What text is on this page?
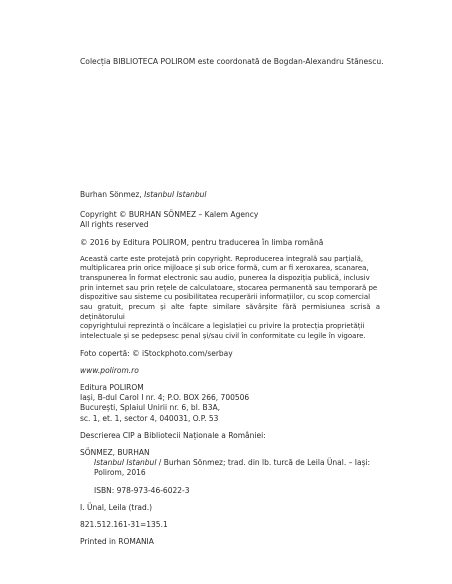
Colecția BIBLIOTECA POLIROM este coordonată de Bogdan-Alexandru Stănescu.

Burhan Sönmez, Istanbul Istanbul

Copyright © BURHAN SÖNMEZ – Kalem Agency
All rights reserved

© 2016 by Editura POLIROM, pentru traducerea în limba română

Această carte este protejată prin copyright. Reproducerea integrală sau parțială,
multiplicarea prin orice mijloace și sub orice formă, cum ar fi xeroxarea, scanarea,
transpunerea în format electronic sau audio, punerea la dispoziția publică, inclusiv
prin internet sau prin rețele de calculatoare, stocarea permanentă sau temporară pe
dispozitive sau sisteme cu posibilitatea recuperării informațiilor, cu scop comercial
sau gratuit, precum și alte fapte similare săvârșite fără permisiunea scrisă a deținătorului
copyrightului reprezintă o încălcare a legislației cu privire la protecția proprietății
intelectuale și se pedepsesc penal și/sau civil în conformitate cu legile în vigoare.

Foto copertă: © iStockphoto.com/serbay

www.polirom.ro

Editura POLIROM
Iași, B-dul Carol I nr. 4; P.O. BOX 266, 700506
București, Splaiul Unirii nr. 6, bl. B3A,
sc. 1, et. 1, sector 4, 040031, O.P. 53

Descrierea CIP a Bibliotecii Naționale a României:

SÖNMEZ, BURHAN

Istanbul Istanbul / Burhan Sönmez; trad. din lb. turcă de Leila Ünal. – Iași:
Polirom, 2016

ISBN: 978-973-46-6022-3

I. Ünal, Leila (trad.)

821.512.161-31=135.1

Printed in ROMANIA
